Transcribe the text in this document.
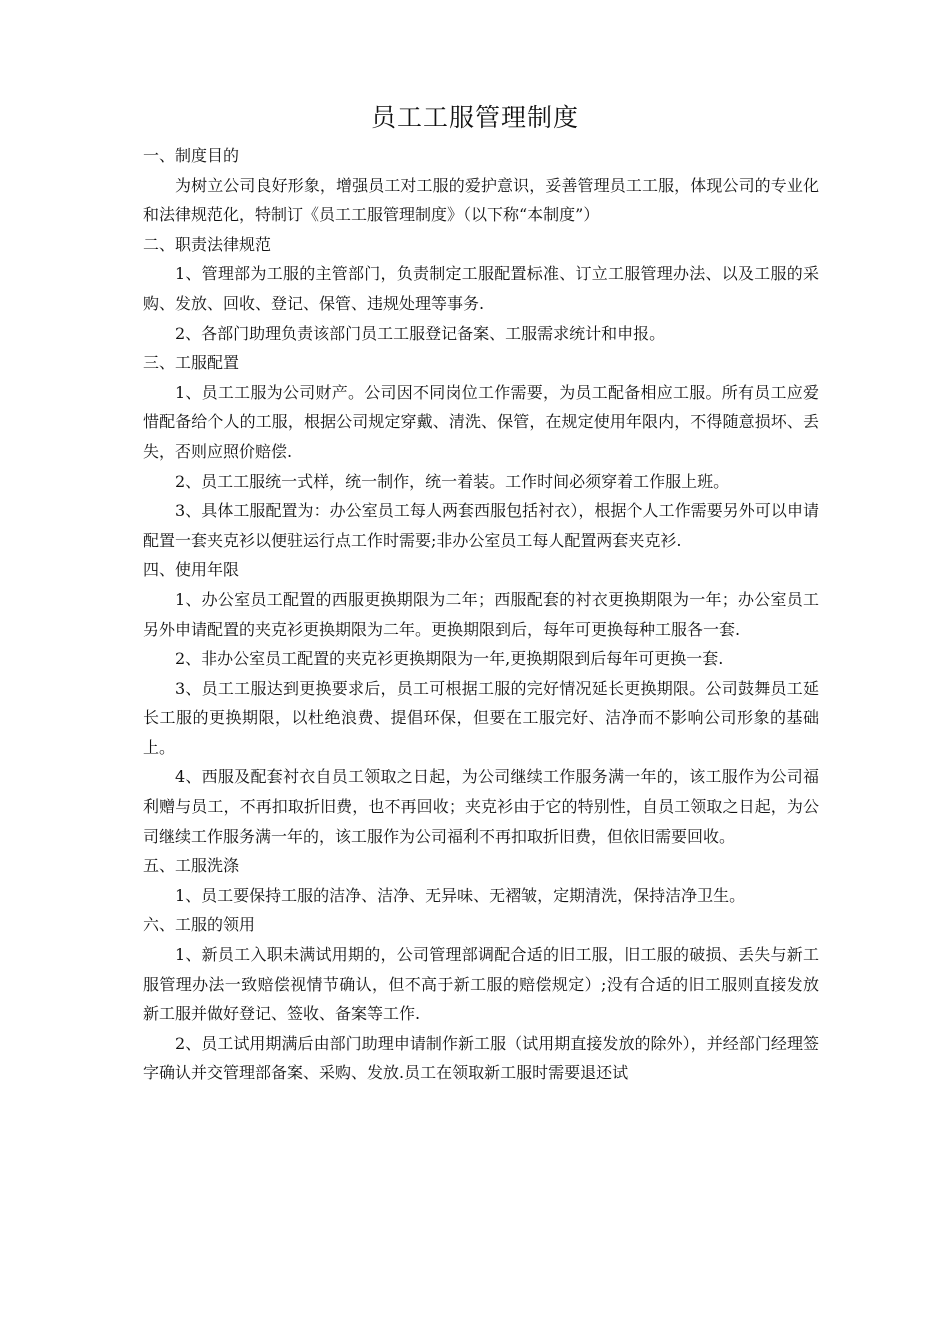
员工工服管理制度

一、制度目的

为树立公司良好形象，增强员工对工服的爱护意识，妥善管理员工工服，体现公司的专业化和法律规范化，特制订《员工工服管理制度》（以下称“本制度”）

二、职责法律规范

1、管理部为工服的主管部门，负责制定工服配置标准、订立工服管理办法、以及工服的采购、发放、回收、登记、保管、违规处理等事务.

2、各部门助理负责该部门员工工服登记备案、工服需求统计和申报。

三、工服配置

1、员工工服为公司财产。公司因不同岗位工作需要，为员工配备相应工服。所有员工应爱惜配备给个人的工服，根据公司规定穿戴、清洗、保管，在规定使用年限内，不得随意损坏、丢失，否则应照价赔偿.

2、员工工服统一式样，统一制作，统一着装。工作时间必须穿着工作服上班。

3、具体工服配置为：办公室员工每人两套西服包括衬衣），根据个人工作需要另外可以申请配置一套夹克衫以便驻运行点工作时需要;非办公室员工每人配置两套夹克衫.

四、使用年限

1、办公室员工配置的西服更换期限为二年；西服配套的衬衣更换期限为一年；办公室员工另外申请配置的夹克衫更换期限为二年。更换期限到后，每年可更换每种工服各一套.

2、非办公室员工配置的夹克衫更换期限为一年,更换期限到后每年可更换一套.

3、员工工服达到更换要求后，员工可根据工服的完好情况延长更换期限。公司鼓舞员工延长工服的更换期限，以杜绝浪费、提倡环保，但要在工服完好、洁净而不影响公司形象的基础上。

4、西服及配套衬衣自员工领取之日起，为公司继续工作服务满一年的，该工服作为公司福利赠与员工，不再扣取折旧费，也不再回收；夹克衫由于它的特别性，自员工领取之日起，为公司继续工作服务满一年的，该工服作为公司福利不再扣取折旧费，但依旧需要回收。

五、工服洗涤

1、员工要保持工服的洁净、洁净、无异味、无褶皱，定期清洗，保持洁净卫生。

六、工服的领用

1、新员工入职未满试用期的，公司管理部调配合适的旧工服，旧工服的破损、丢失与新工服管理办法一致赔偿视情节确认，但不高于新工服的赔偿规定）;没有合适的旧工服则直接发放新工服并做好登记、签收、备案等工作.

2、员工试用期满后由部门助理申请制作新工服（试用期直接发放的除外），并经部门经理签字确认并交管理部备案、采购、发放.员工在领取新工服时需要退还试
